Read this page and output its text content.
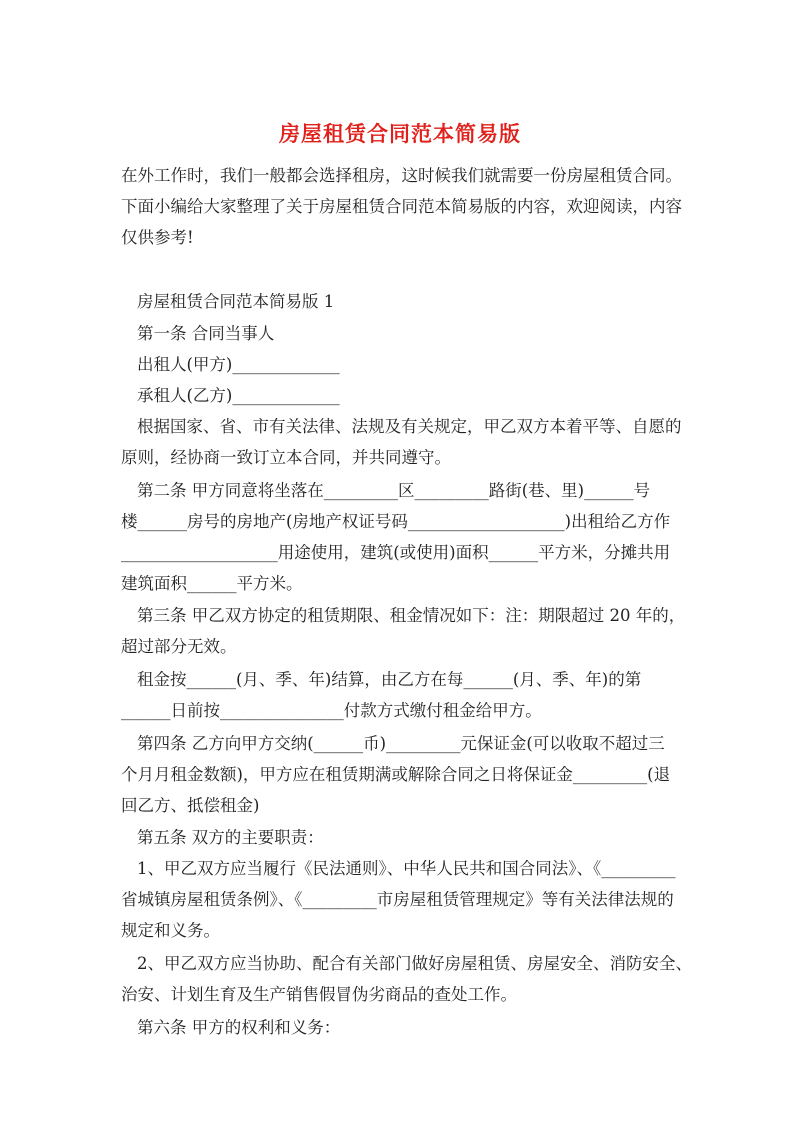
房屋租赁合同范本简易版
在外工作时，我们一般都会选择租房，这时候我们就需要一份房屋租赁合同。
下面小编给大家整理了关于房屋租赁合同范本简易版的内容，欢迎阅读，内容
仅供参考!
房屋租赁合同范本简易版 1
第一条 合同当事人
出租人(甲方)_____________
承租人(乙方)_____________
根据国家、省、市有关法律、法规及有关规定，甲乙双方本着平等、自愿的
原则，经协商一致订立本合同，并共同遵守。
第二条 甲方同意将坐落在_________区_________路街(巷、里)______号
楼______房号的房地产(房地产权证号码___________________)出租给乙方作
___________________用途使用，建筑(或使用)面积______平方米，分摊共用
建筑面积______平方米。
第三条 甲乙双方协定的租赁期限、租金情况如下：注：期限超过 20 年的，
超过部分无效。
租金按______(月、季、年)结算，由乙方在每______(月、季、年)的第
______日前按_______________付款方式缴付租金给甲方。
第四条 乙方向甲方交纳(______币)_________元保证金(可以收取不超过三
个月月租金数额)，甲方应在租赁期满或解除合同之日将保证金_________(退
回乙方、抵偿租金)
第五条 双方的主要职责：
1、甲乙双方应当履行《民法通则》、中华人民共和国合同法》、《_________
省城镇房屋租赁条例》、《_________市房屋租赁管理规定》等有关法律法规的
规定和义务。
2、甲乙双方应当协助、配合有关部门做好房屋租赁、房屋安全、消防安全、
治安、计划生育及生产销售假冒伪劣商品的查处工作。
第六条 甲方的权利和义务：
